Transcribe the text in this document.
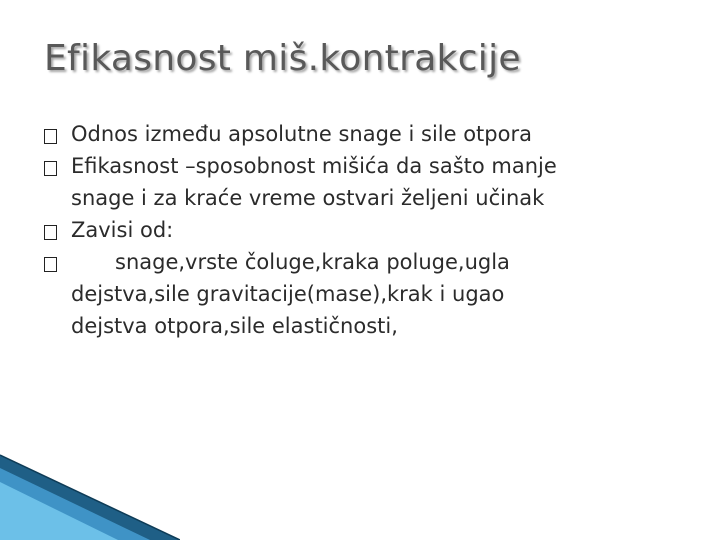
Efikasnost miš.kontrakcije
Odnos između apsolutne snage i sile otpora
Efikasnost –sposobnost mišića da sašto manje
snage i za kraće vreme ostvari željeni učinak
Zavisi od:
snage,vrste čoluge,kraka poluge,ugla
dejstva,sile gravitacije(mase),krak i ugao
dejstva otpora,sile elastičnosti,
